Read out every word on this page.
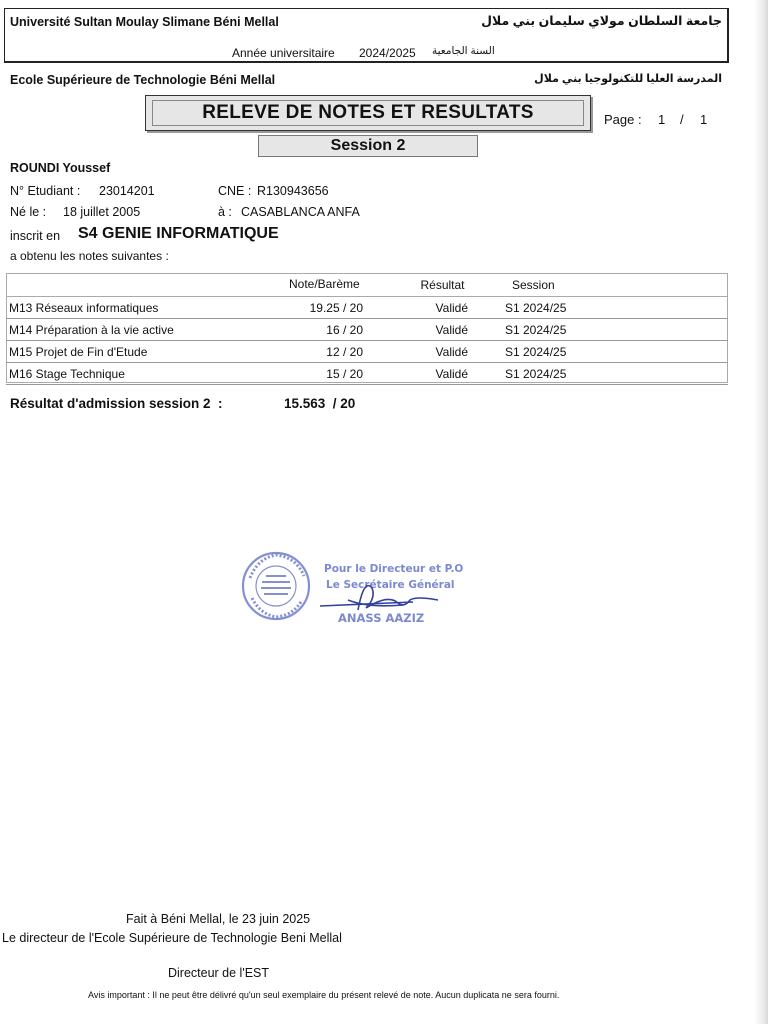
Université Sultan Moulay Slimane Béni Mellal	جامعة السلطان مولاي سليمان بني ملال
Année universitaire 2024/2025 السنة الجامعية
Ecole Supérieure de Technologie Béni Mellal	المدرسة العليا للتكنولوجيا بني ملال
RELEVE DE NOTES ET RESULTATS
Session 2
Page : 1 / 1
ROUNDI Youssef
N° Etudiant : 23014201	CNE : R130943656
Né le : 18 juillet 2005	à : CASABLANCA ANFA
inscrit en S4 GENIE INFORMATIQUE
a obtenu les notes suivantes :

	Note/Barème	Résultat	Session
M13 Réseaux informatiques	19.25 / 20	Validé	S1 2024/25
M14 Préparation à la vie active	16 / 20	Validé	S1 2024/25
M15 Projet de Fin d'Etude	12 / 20	Validé	S1 2024/25
M16 Stage Technique	15 / 20	Validé	S1 2024/25
Résultat d'admission session 2  :	15.563  / 20
Pour le Directeur et P.O
Le Secrétaire Général
ANASS AAZIZ
Fait à Béni Mellal, le 23 juin 2025
Le directeur de l'Ecole Supérieure de Technologie Beni Mellal
Directeur de l'EST
Avis important : Il ne peut être délivré qu'un seul exemplaire du présent relevé de note. Aucun duplicata ne sera fourni.
